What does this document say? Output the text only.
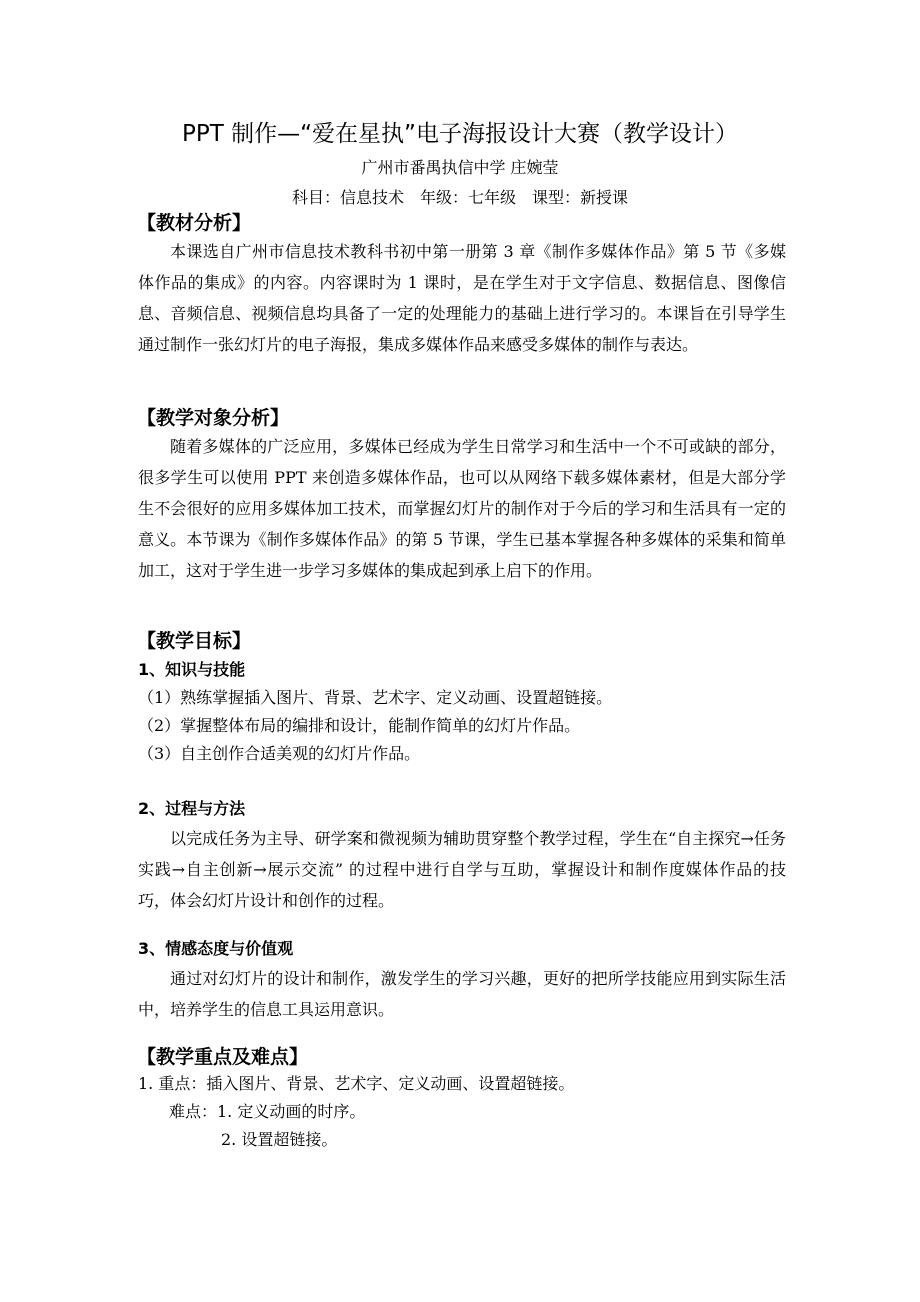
PPT 制作—“爱在星执”电子海报设计大赛（教学设计）
广州市番禺执信中学 庄婉莹
科目：信息技术　年级：七年级　课型：新授课
【教材分析】

本课选自广州市信息技术教科书初中第一册第 3 章《制作多媒体作品》第 5 节《多媒体作品的集成》的内容。内容课时为 1 课时，是在学生对于文字信息、数据信息、图像信息、音频信息、视频信息均具备了一定的处理能力的基础上进行学习的。本课旨在引导学生通过制作一张幻灯片的电子海报，集成多媒体作品来感受多媒体的制作与表达。

【教学对象分析】

随着多媒体的广泛应用，多媒体已经成为学生日常学习和生活中一个不可或缺的部分，很多学生可以使用 PPT 来创造多媒体作品，也可以从网络下载多媒体素材，但是大部分学生不会很好的应用多媒体加工技术，而掌握幻灯片的制作对于今后的学习和生活具有一定的意义。本节课为《制作多媒体作品》的第 5 节课，学生已基本掌握各种多媒体的采集和简单加工，这对于学生进一步学习多媒体的集成起到承上启下的作用。

【教学目标】
1、知识与技能
（1）熟练掌握插入图片、背景、艺术字、定义动画、设置超链接。
（2）掌握整体布局的编排和设计，能制作简单的幻灯片作品。
（3）自主创作合适美观的幻灯片作品。
2、过程与方法

以完成任务为主导、研学案和微视频为辅助贯穿整个教学过程，学生在“自主探究→任务实践→自主创新→展示交流” 的过程中进行自学与互助，掌握设计和制作度媒体作品的技巧，体会幻灯片设计和创作的过程。

3、情感态度与价值观

通过对幻灯片的设计和制作，激发学生的学习兴趣，更好的把所学技能应用到实际生活中，培养学生的信息工具运用意识。

【教学重点及难点】
1. 重点：插入图片、背景、艺术字、定义动画、设置超链接。
难点：1. 定义动画的时序。
2. 设置超链接。
